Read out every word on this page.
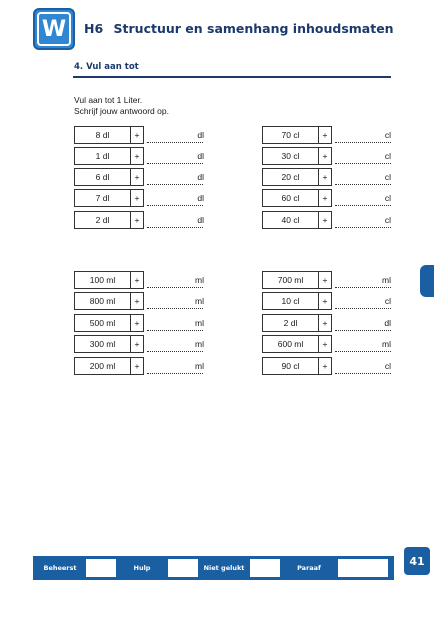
W	H6 Structuur en samenhang inhoudsmaten
4. Vul aan tot
Vul aan tot 1 Liter.
Schrijf jouw antwoord op.
8 dl	+	dl
1 dl	+	dl
6 dl	+	dl
7 dl	+	dl
2 dl	+	dl
70 cl	+	cl
30 cl	+	cl
20 cl	+	cl
60 cl	+	cl
40 cl	+	cl
100 ml	+	ml
800 ml	+	ml
500 ml	+	ml
300 ml	+	ml
200 ml	+	ml
700 ml	+	ml
10 cl	+	cl
2 dl	+	dl
600 ml	+	ml
90 cl	+	cl
Beheerst	Hulp	Niet gelukt	Paraaf
41
